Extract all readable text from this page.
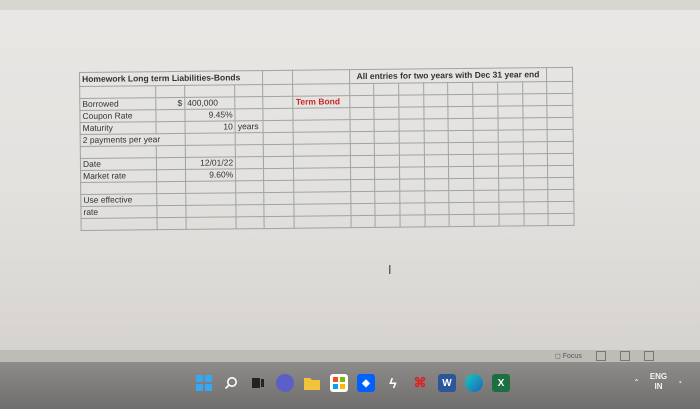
Homework Long term Liabilities-Bonds						All entries for two years with Dec 31 year end								

Borrowed	$	400,000			Term Bond									
Coupon Rate		9.45%												
Maturity		10	years											
2 payments per year														

Date		12/01/22												
Market rate		9.60%												

Use effective														
rate														

I
◻ Focus
◆	ϟ	⌘ W	X	⌃
ENG
IN	◔
